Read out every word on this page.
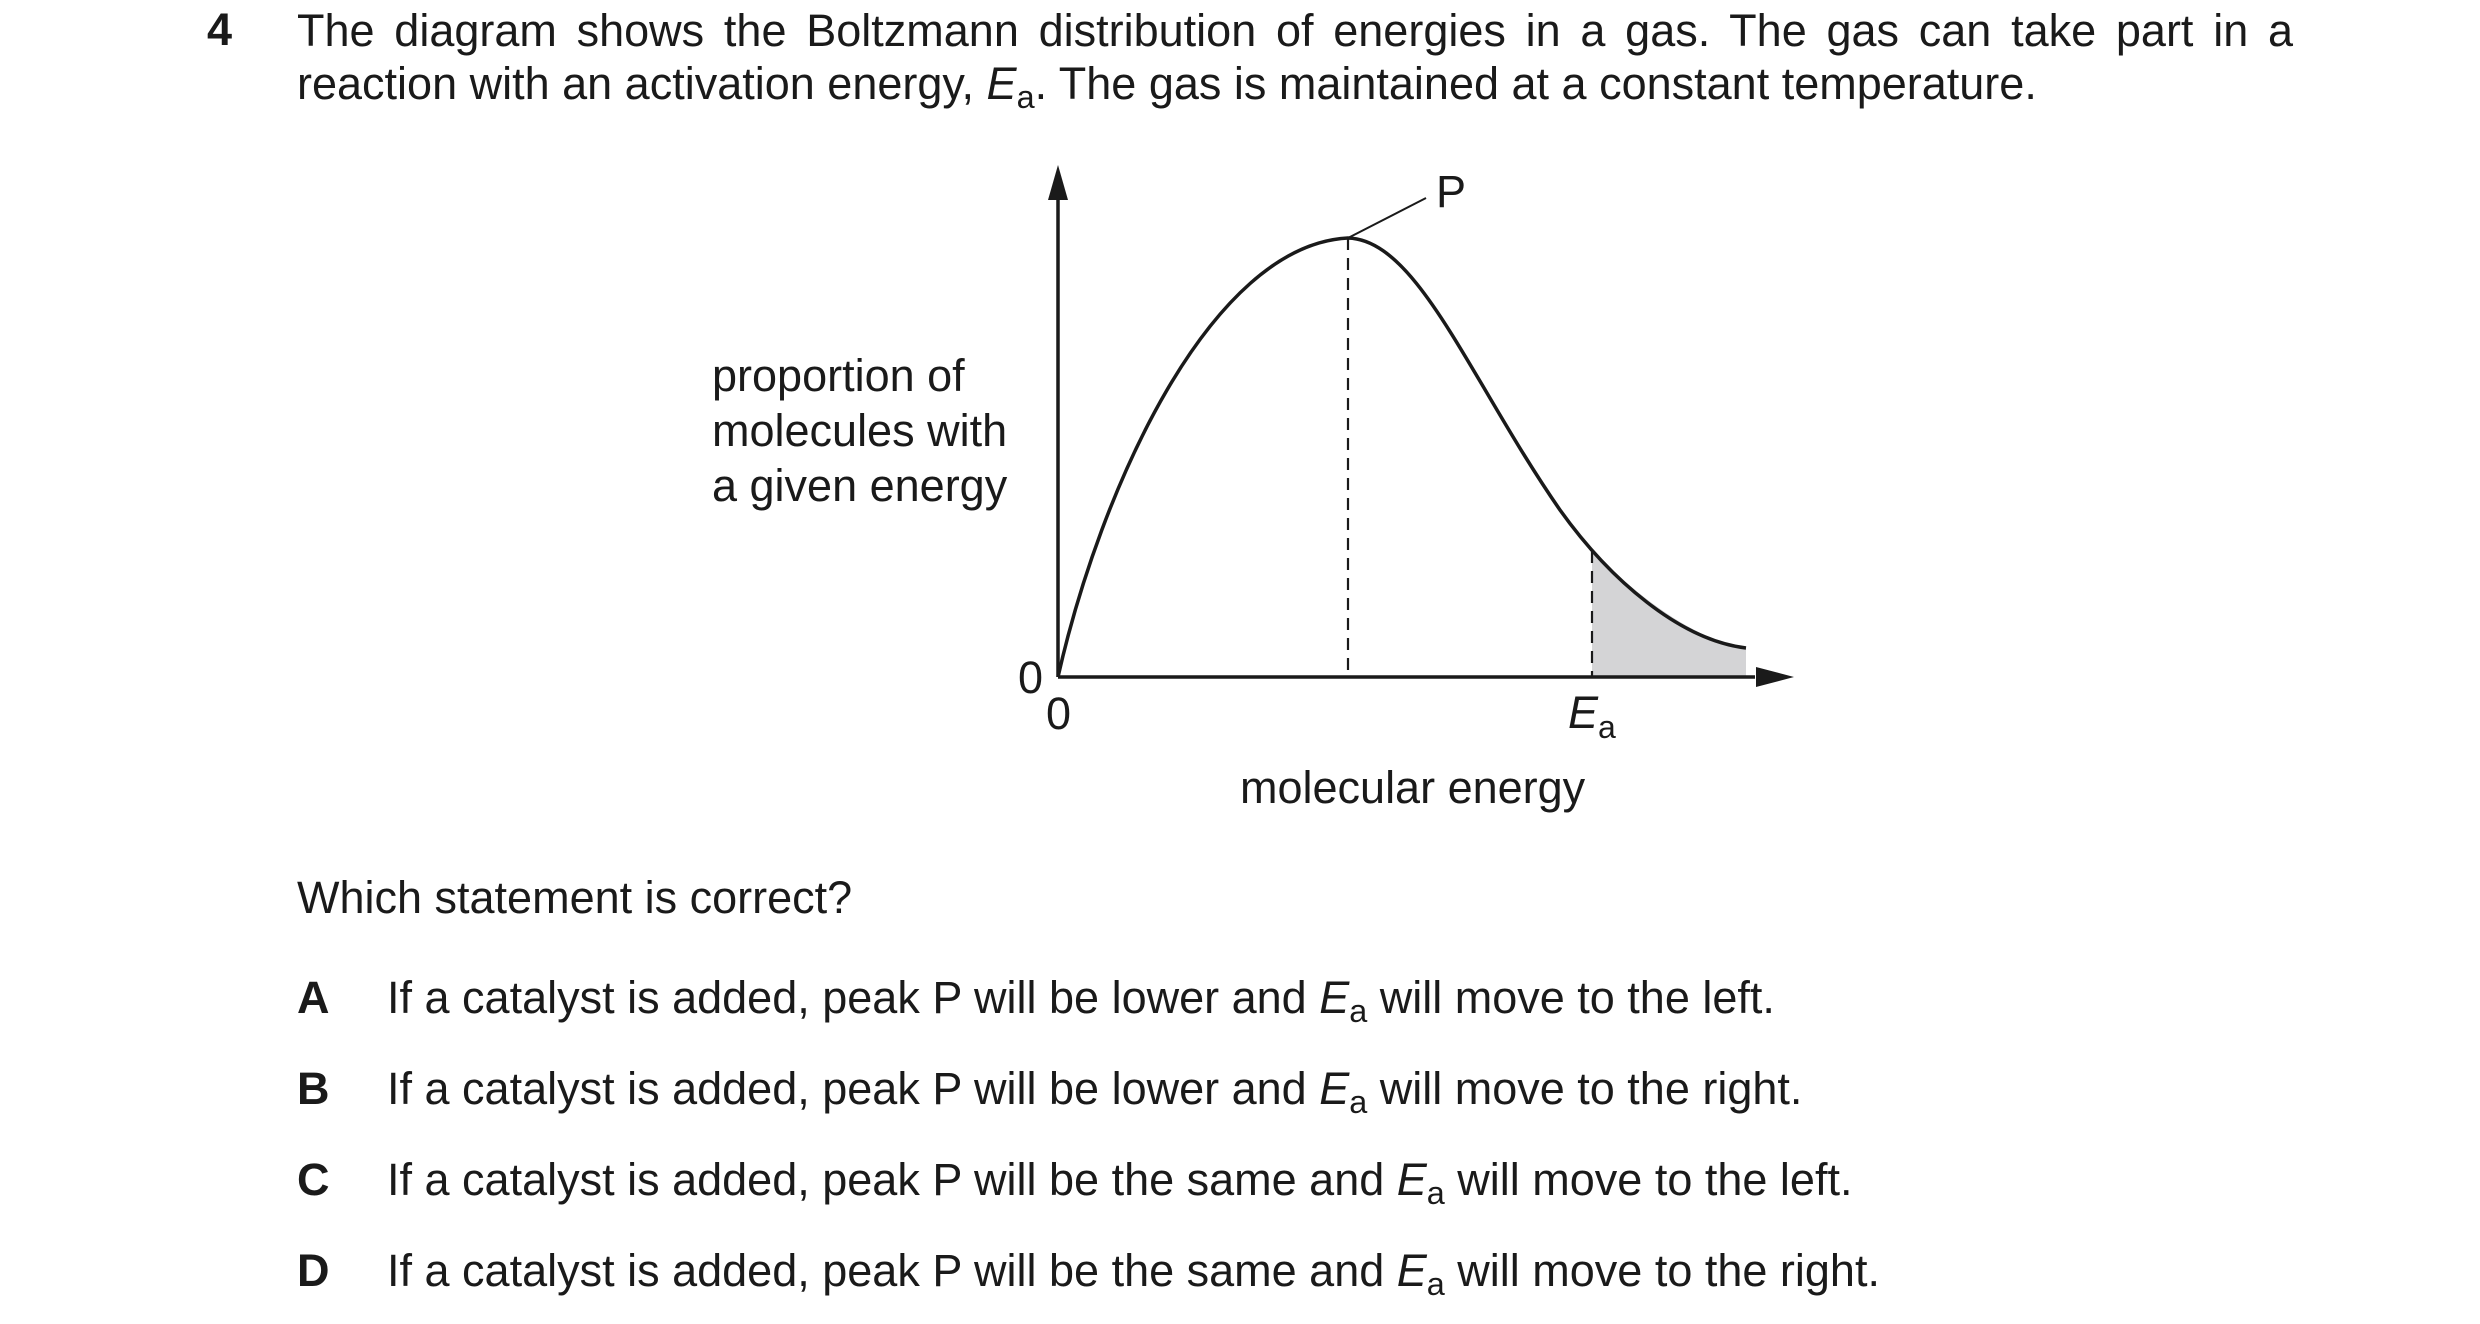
4 The diagram shows the Boltzmann distribution of energies in a gas. The gas can take part in a
reaction with an activation energy, $E_a$. The gas is maintained at a constant temperature.
P
0
0	$E_a$
proportion of
molecules with
a given energy
molecular energy
Which statement is correct?
A If a catalyst is added, peak P will be lower and $E_a$ will move to the left.
B If a catalyst is added, peak P will be lower and $E_a$ will move to the right.
C If a catalyst is added, peak P will be the same and $E_a$ will move to the left.
D If a catalyst is added, peak P will be the same and $E_a$ will move to the right.
